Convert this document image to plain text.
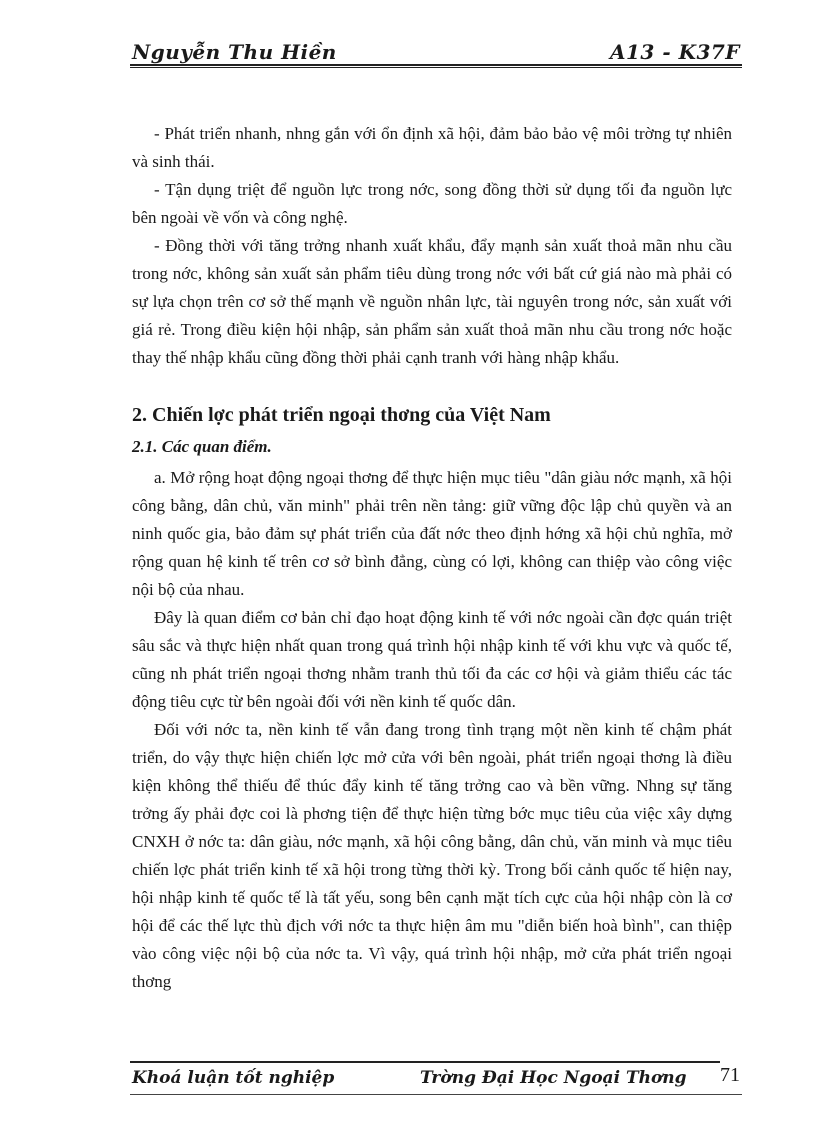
Nguyễn Thu Hiền	A13 - K37F

- Phát triển nhanh, nhng gắn với ổn định xã hội, đảm bảo bảo vệ môi trờng tự nhiên và sinh thái.

- Tận dụng triệt để nguồn lực trong nớc, song đồng thời sử dụng tối đa nguồn lực bên ngoài về vốn và công nghệ.

- Đồng thời với tăng trởng nhanh xuất khẩu, đẩy mạnh sản xuất thoả mãn nhu cầu trong nớc, không sản xuất sản phẩm tiêu dùng trong nớc với bất cứ giá nào mà phải có sự lựa chọn trên cơ sở thế mạnh về nguồn nhân lực, tài nguyên trong nớc, sản xuất với giá rẻ. Trong điều kiện hội nhập, sản phẩm sản xuất thoả mãn nhu cầu trong nớc hoặc thay thế nhập khẩu cũng đồng thời phải cạnh tranh với hàng nhập khẩu.

2. Chiến lợc phát triển ngoại thơng của Việt Nam
2.1. Các quan điểm.

a. Mở rộng hoạt động ngoại thơng để thực hiện mục tiêu "dân giàu nớc mạnh, xã hội công bằng, dân chủ, văn minh" phải trên nền tảng: giữ vững độc lập chủ quyền và an ninh quốc gia, bảo đảm sự phát triển của đất nớc theo định hớng xã hội chủ nghĩa, mở rộng quan hệ kinh tế trên cơ sở bình đẳng, cùng có lợi, không can thiệp vào công việc nội bộ của nhau.

Đây là quan điểm cơ bản chỉ đạo hoạt động kinh tế với nớc ngoài cần đợc quán triệt sâu sắc và thực hiện nhất quan trong quá trình hội nhập kinh tế với khu vực và quốc tế, cũng nh phát triển ngoại thơng nhằm tranh thủ tối đa các cơ hội và giảm thiểu các tác động tiêu cực từ bên ngoài đối với nền kinh tế quốc dân.

Đối với nớc ta, nền kinh tế vẫn đang trong tình trạng một nền kinh tế chậm phát triển, do vậy thực hiện chiến lợc mở cửa với bên ngoài, phát triển ngoại thơng là điều kiện không thể thiếu để thúc đẩy kinh tế tăng trởng cao và bền vững. Nhng sự tăng trởng ấy phải đợc coi là phơng tiện để thực hiện từng bớc mục tiêu của việc xây dựng CNXH ở nớc ta: dân giàu, nớc mạnh, xã hội công bằng, dân chủ, văn minh và mục tiêu chiến lợc phát triển kinh tế xã hội trong từng thời kỳ. Trong bối cảnh quốc tế hiện nay, hội nhập kinh tế quốc tế là tất yếu, song bên cạnh mặt tích cực của hội nhập còn là cơ hội để các thế lực thù địch với nớc ta thực hiện âm mu "diễn biến hoà bình", can thiệp vào công việc nội bộ của nớc ta. Vì vậy, quá trình hội nhập, mở cửa phát triển ngoại thơng

Khoá luận tốt nghiệp	Trờng Đại Học Ngoại Thơng 71
